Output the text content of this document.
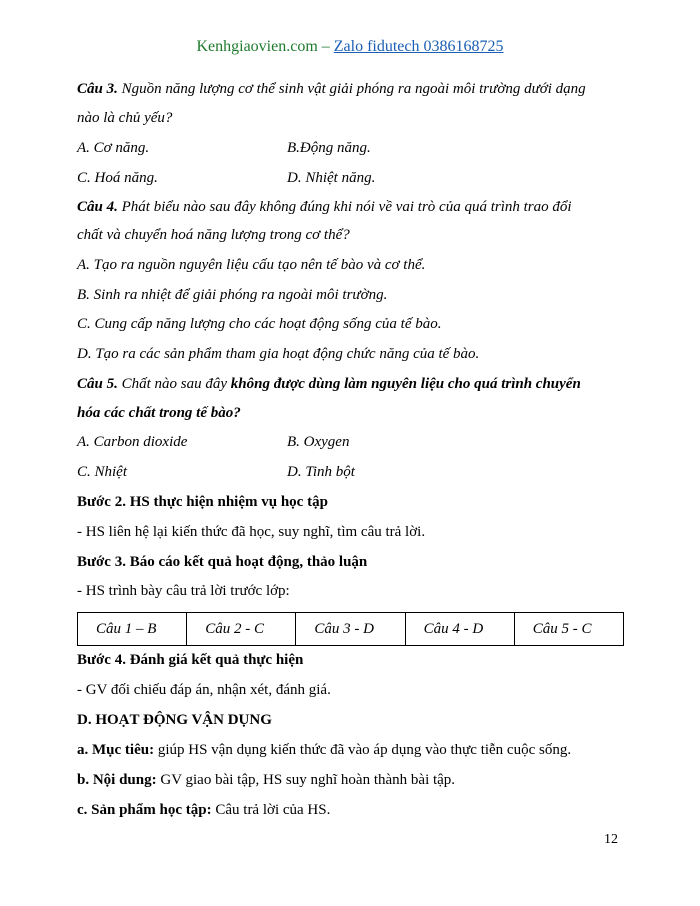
Kenhgiaovien.com – Zalo fidutech 0386168725
Câu 3. Nguồn năng lượng cơ thể sinh vật giải phóng ra ngoài môi trường dưới dạng
nào là chủ yếu?
A. Cơ năng.	B.Động năng.
C. Hoá năng.	D. Nhiệt năng.
Câu 4. Phát biểu nào sau đây không đúng khi nói về vai trò của quá trình trao đổi
chất và chuyển hoá năng lượng trong cơ thể?
A. Tạo ra nguồn nguyên liệu cấu tạo nên tế bào và cơ thể.
B. Sinh ra nhiệt để giải phóng ra ngoài môi trường.
C. Cung cấp năng lượng cho các hoạt động sống của tế bào.
D. Tạo ra các sản phẩm tham gia hoạt động chức năng của tế bào.
Câu 5. Chất nào sau đây không được dùng làm nguyên liệu cho quá trình chuyển
hóa các chất trong tế bào?
A. Carbon dioxide	B. Oxygen
C. Nhiệt	D. Tinh bột
Bước 2. HS thực hiện nhiệm vụ học tập
- HS liên hệ lại kiến thức đã học, suy nghĩ, tìm câu trả lời.
Bước 3. Báo cáo kết quả hoạt động, thảo luận
- HS trình bày câu trả lời trước lớp:
Câu 1 – B	Câu 2 - C	Câu 3 - D	Câu 4 - D	Câu 5 - C
Bước 4. Đánh giá kết quả thực hiện
- GV đối chiếu đáp án, nhận xét, đánh giá.
D. HOẠT ĐỘNG VẬN DỤNG
a. Mục tiêu: giúp HS vận dụng kiến thức đã vào áp dụng vào thực tiễn cuộc sống.
b. Nội dung: GV giao bài tập, HS suy nghĩ hoàn thành bài tập.
c. Sản phẩm học tập: Câu trả lời của HS.
12
